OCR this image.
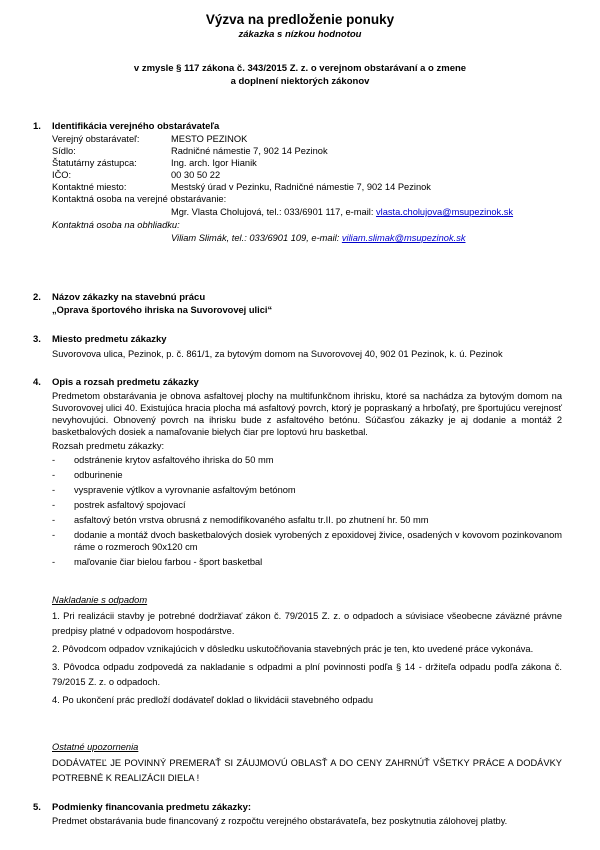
Výzva na predloženie ponuky
zákazka s nízkou hodnotou
v zmysle § 117 zákona č. 343/2015 Z. z. o verejnom obstarávaní a o zmene
a doplnení niektorých zákonov
1. Identifikácia verejného obstarávateľa
Verejný obstarávateľ:	MESTO PEZINOK
Sídlo:	Radničné námestie 7, 902 14 Pezinok
Štatutárny zástupca:	Ing. arch. Igor Hianik
IČO:	00 30 50 22
Kontaktné miesto:	Mestský úrad v Pezinku, Radničné námestie 7, 902 14 Pezinok
Kontaktná osoba na verejné obstarávanie:
Mgr. Vlasta Cholujová, tel.: 033/6901 117, e-mail: vlasta.cholujova@msupezinok.sk
Kontaktná osoba na obhliadku:
Viliam Slimák, tel.: 033/6901 109, e-mail: viliam.slimak@msupezinok.sk
2. Názov zákazky na stavebnú prácu
„Oprava športového ihriska na Suvorovovej ulici“
3. Miesto predmetu zákazky
Suvorovova ulica, Pezinok, p. č. 861/1, za bytovým domom na Suvorovovej 40, 902 01 Pezinok, k. ú. Pezinok
4. Opis a rozsah predmetu zákazky

Predmetom obstarávania je obnova asfaltovej plochy na multifunkčnom ihrisku, ktoré sa nachádza za bytovým domom na Suvorovovej ulici 40. Existujúca hracia plocha má asfaltový povrch, ktorý je popraskaný a hrboľatý, pre športujúcu verejnosť nevyhovujúci. Obnovený povrch na ihrisku bude z asfaltového betónu. Súčasťou zákazky je aj dodanie a montáž 2 basketbalových dosiek a namaľovanie bielych čiar pre loptovú hru basketbal.

Rozsah predmetu zákazky:

- odstránenie krytov asfaltového ihriska do 50 mm
- odburinenie
- vyspravenie výtlkov a vyrovnanie asfaltovým betónom
- postrek asfaltový spojovací
- asfaltový betón vrstva obrusná z nemodifikovaného asfaltu tr.II. po zhutnení hr. 50 mm
- dodanie a montáž dvoch basketbalových dosiek vyrobených z epoxidovej živice, osadených v kovovom pozinkovanom ráme o rozmeroch 90x120 cm
- maľovanie čiar bielou farbou - šport basketbal

Nakladanie s odpadom

1. Pri realizácii stavby je potrebné dodržiavať zákon č. 79/2015 Z. z. o odpadoch a súvisiace všeobecne záväzné právne predpisy platné v odpadovom hospodárstve.

2. Pôvodcom odpadov vznikajúcich v dôsledku uskutočňovania stavebných prác je ten, kto uvedené práce vykonáva.

3. Pôvodca odpadu zodpovedá za nakladanie s odpadmi a plní povinnosti podľa § 14 - držiteľa odpadu podľa zákona č. 79/2015 Z. z. o odpadoch.

4. Po ukončení prác predloží dodávateľ doklad o likvidácii stavebného odpadu

Ostatné upozornenia

DODÁVATEĽ JE POVINNÝ PREMERAŤ SI ZÁUJMOVÚ OBLASŤ A DO CENY ZAHRNÚŤ VŠETKY PRÁCE A DODÁVKY POTREBNÉ K REALIZÁCII DIELA !

5. Podmienky financovania predmetu zákazky:
Predmet obstarávania bude financovaný z rozpočtu verejného obstarávateľa, bez poskytnutia zálohovej platby.
